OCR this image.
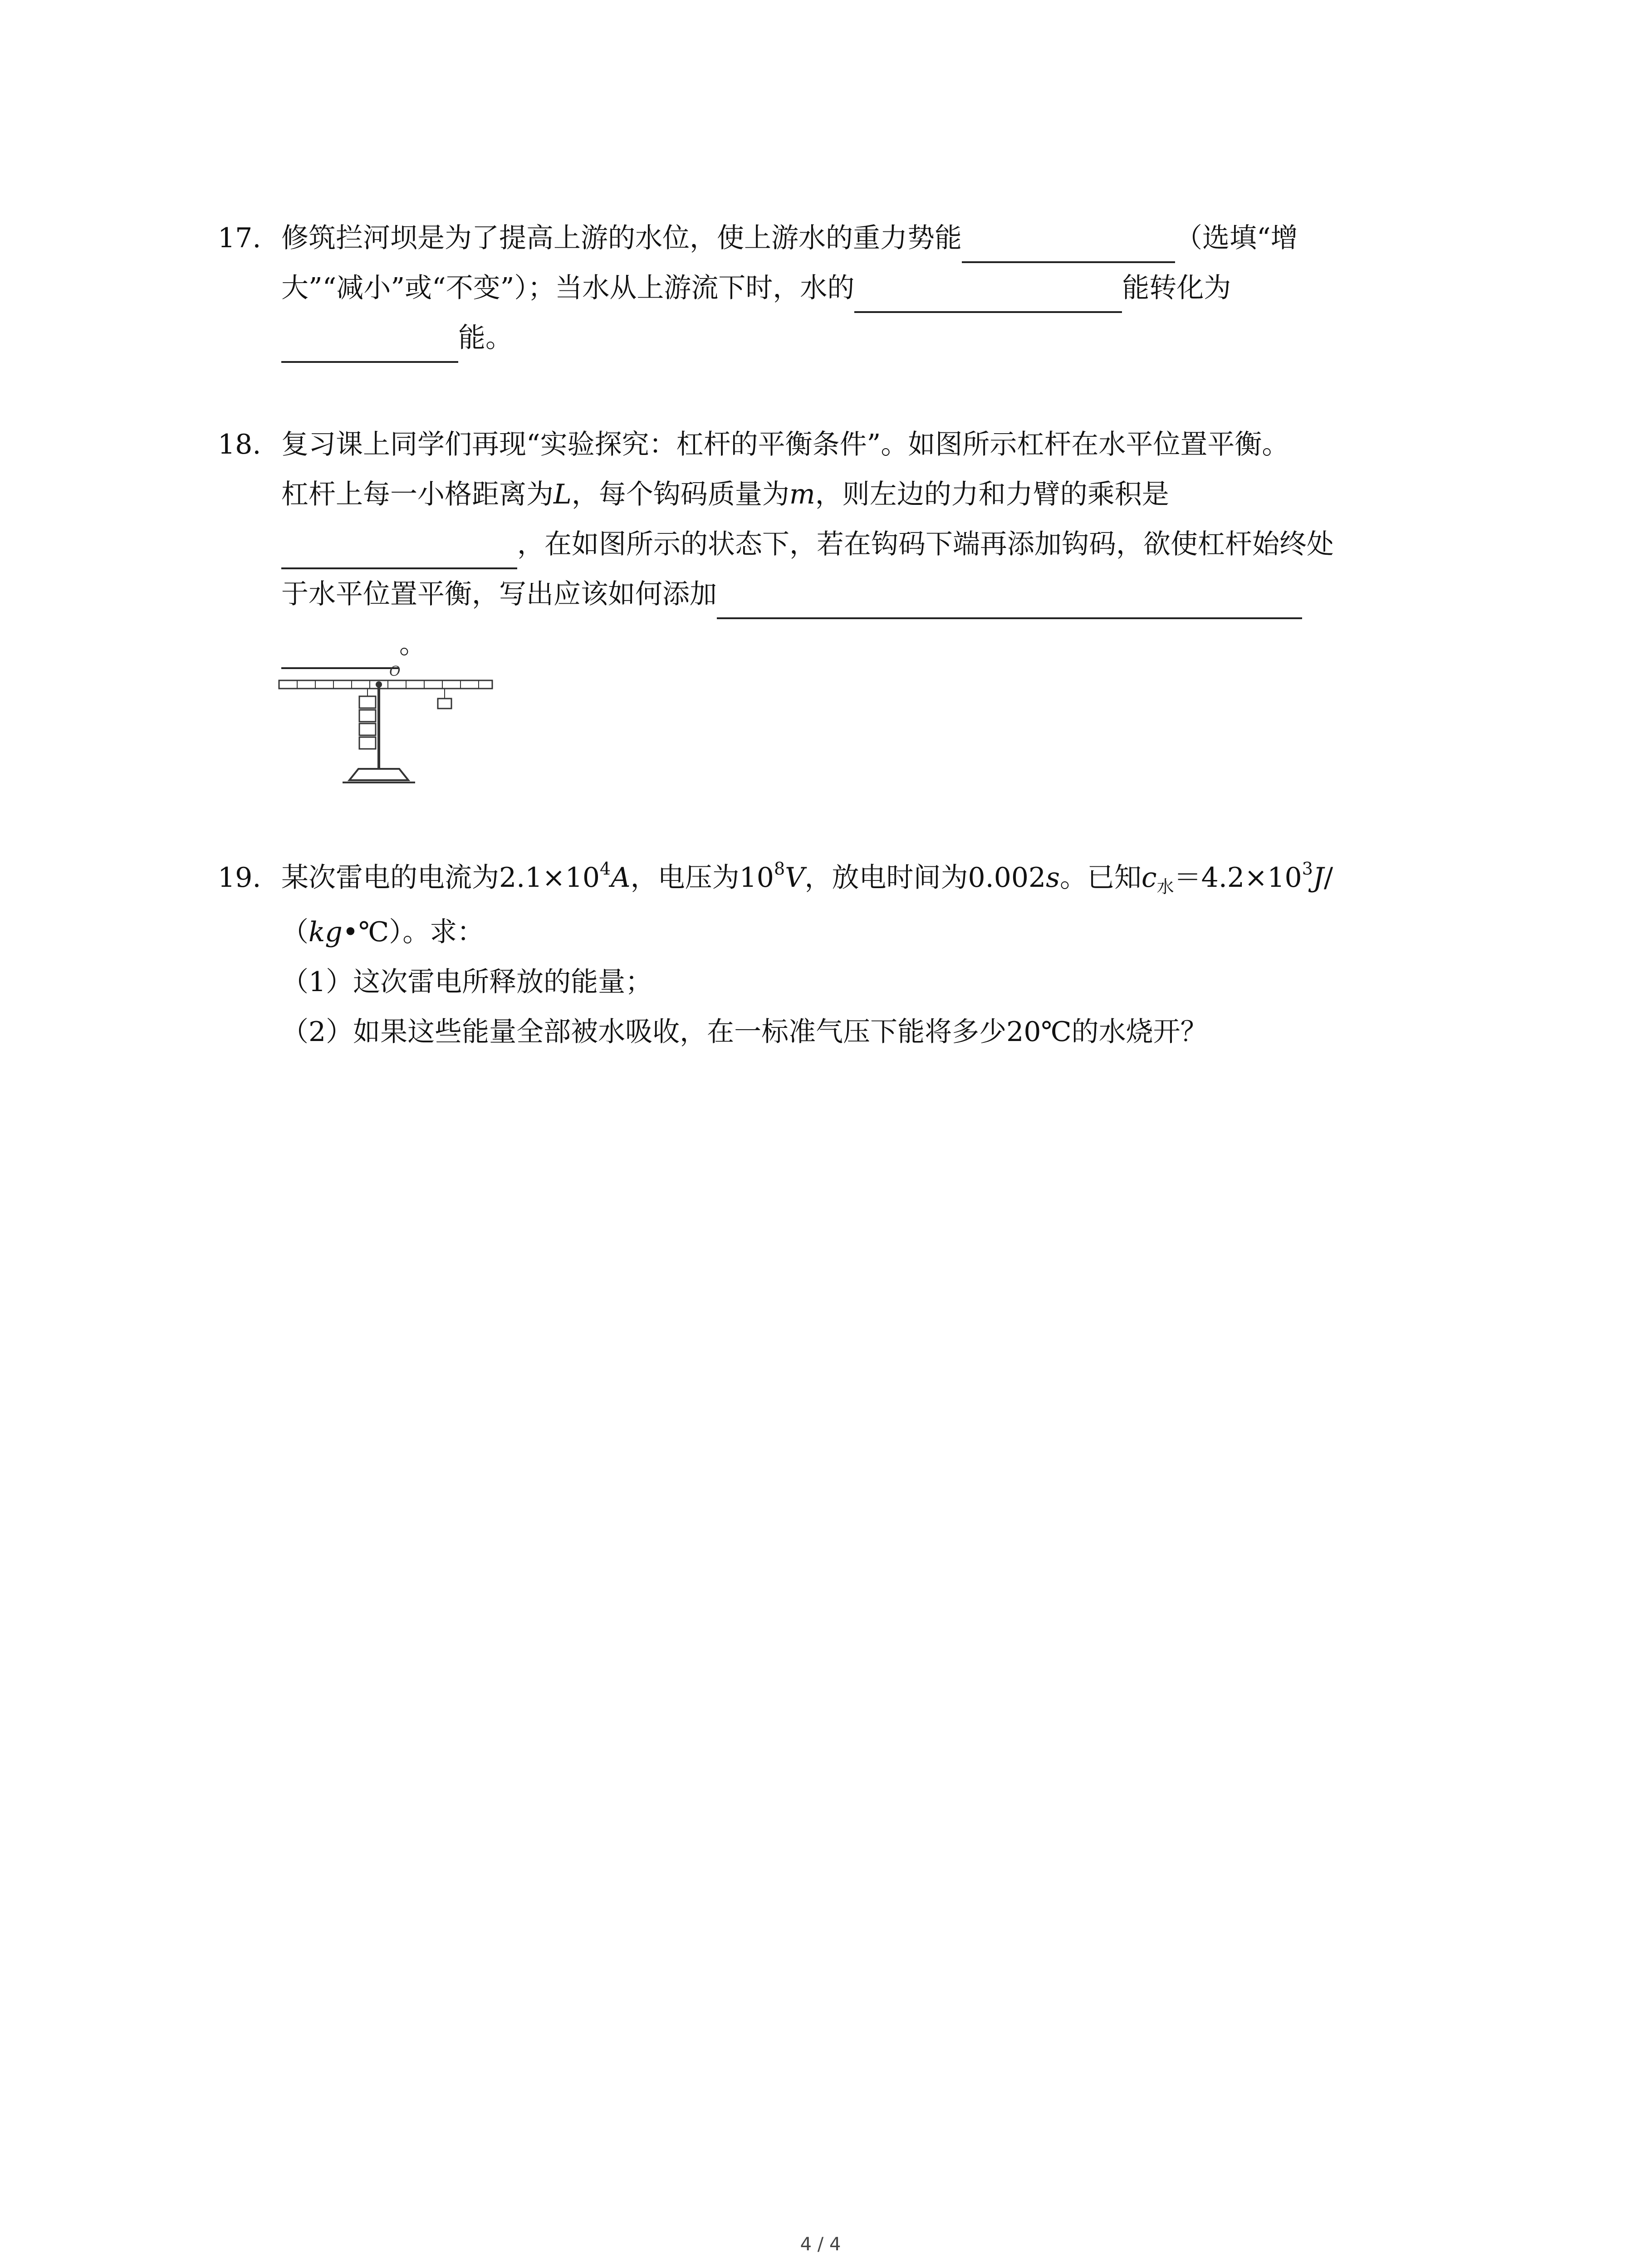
17. 修筑拦河坝是为了提高上游的水位，使上游水的重力势能	（选填“增
大”“减小”或“不变”）；当水从上游流下时，水的	能转化为
能。
18. 复习课上同学们再现“实验探究：杠杆的平衡条件”。如图所示杠杆在水平位置平衡。
杠杆上每一小格距离为L，每个钩码质量为m，则左边的力和力臂的乘积是
，在如图所示的状态下，若在钩码下端再添加钩码，欲使杠杆始终处
于水平位置平衡，写出应该如何添加
。
O
19. 某次雷电的电流为$2.1\times 10^4A$，电压为$10^8V$，放电时间为0.002s。已知$c_水=4.2\times 10^3J/$
（kg•℃）。求：
（1）这次雷电所释放的能量；
（2）如果这些能量全部被水吸收，在一标准气压下能将多少20℃的水烧开？
4 / 4
